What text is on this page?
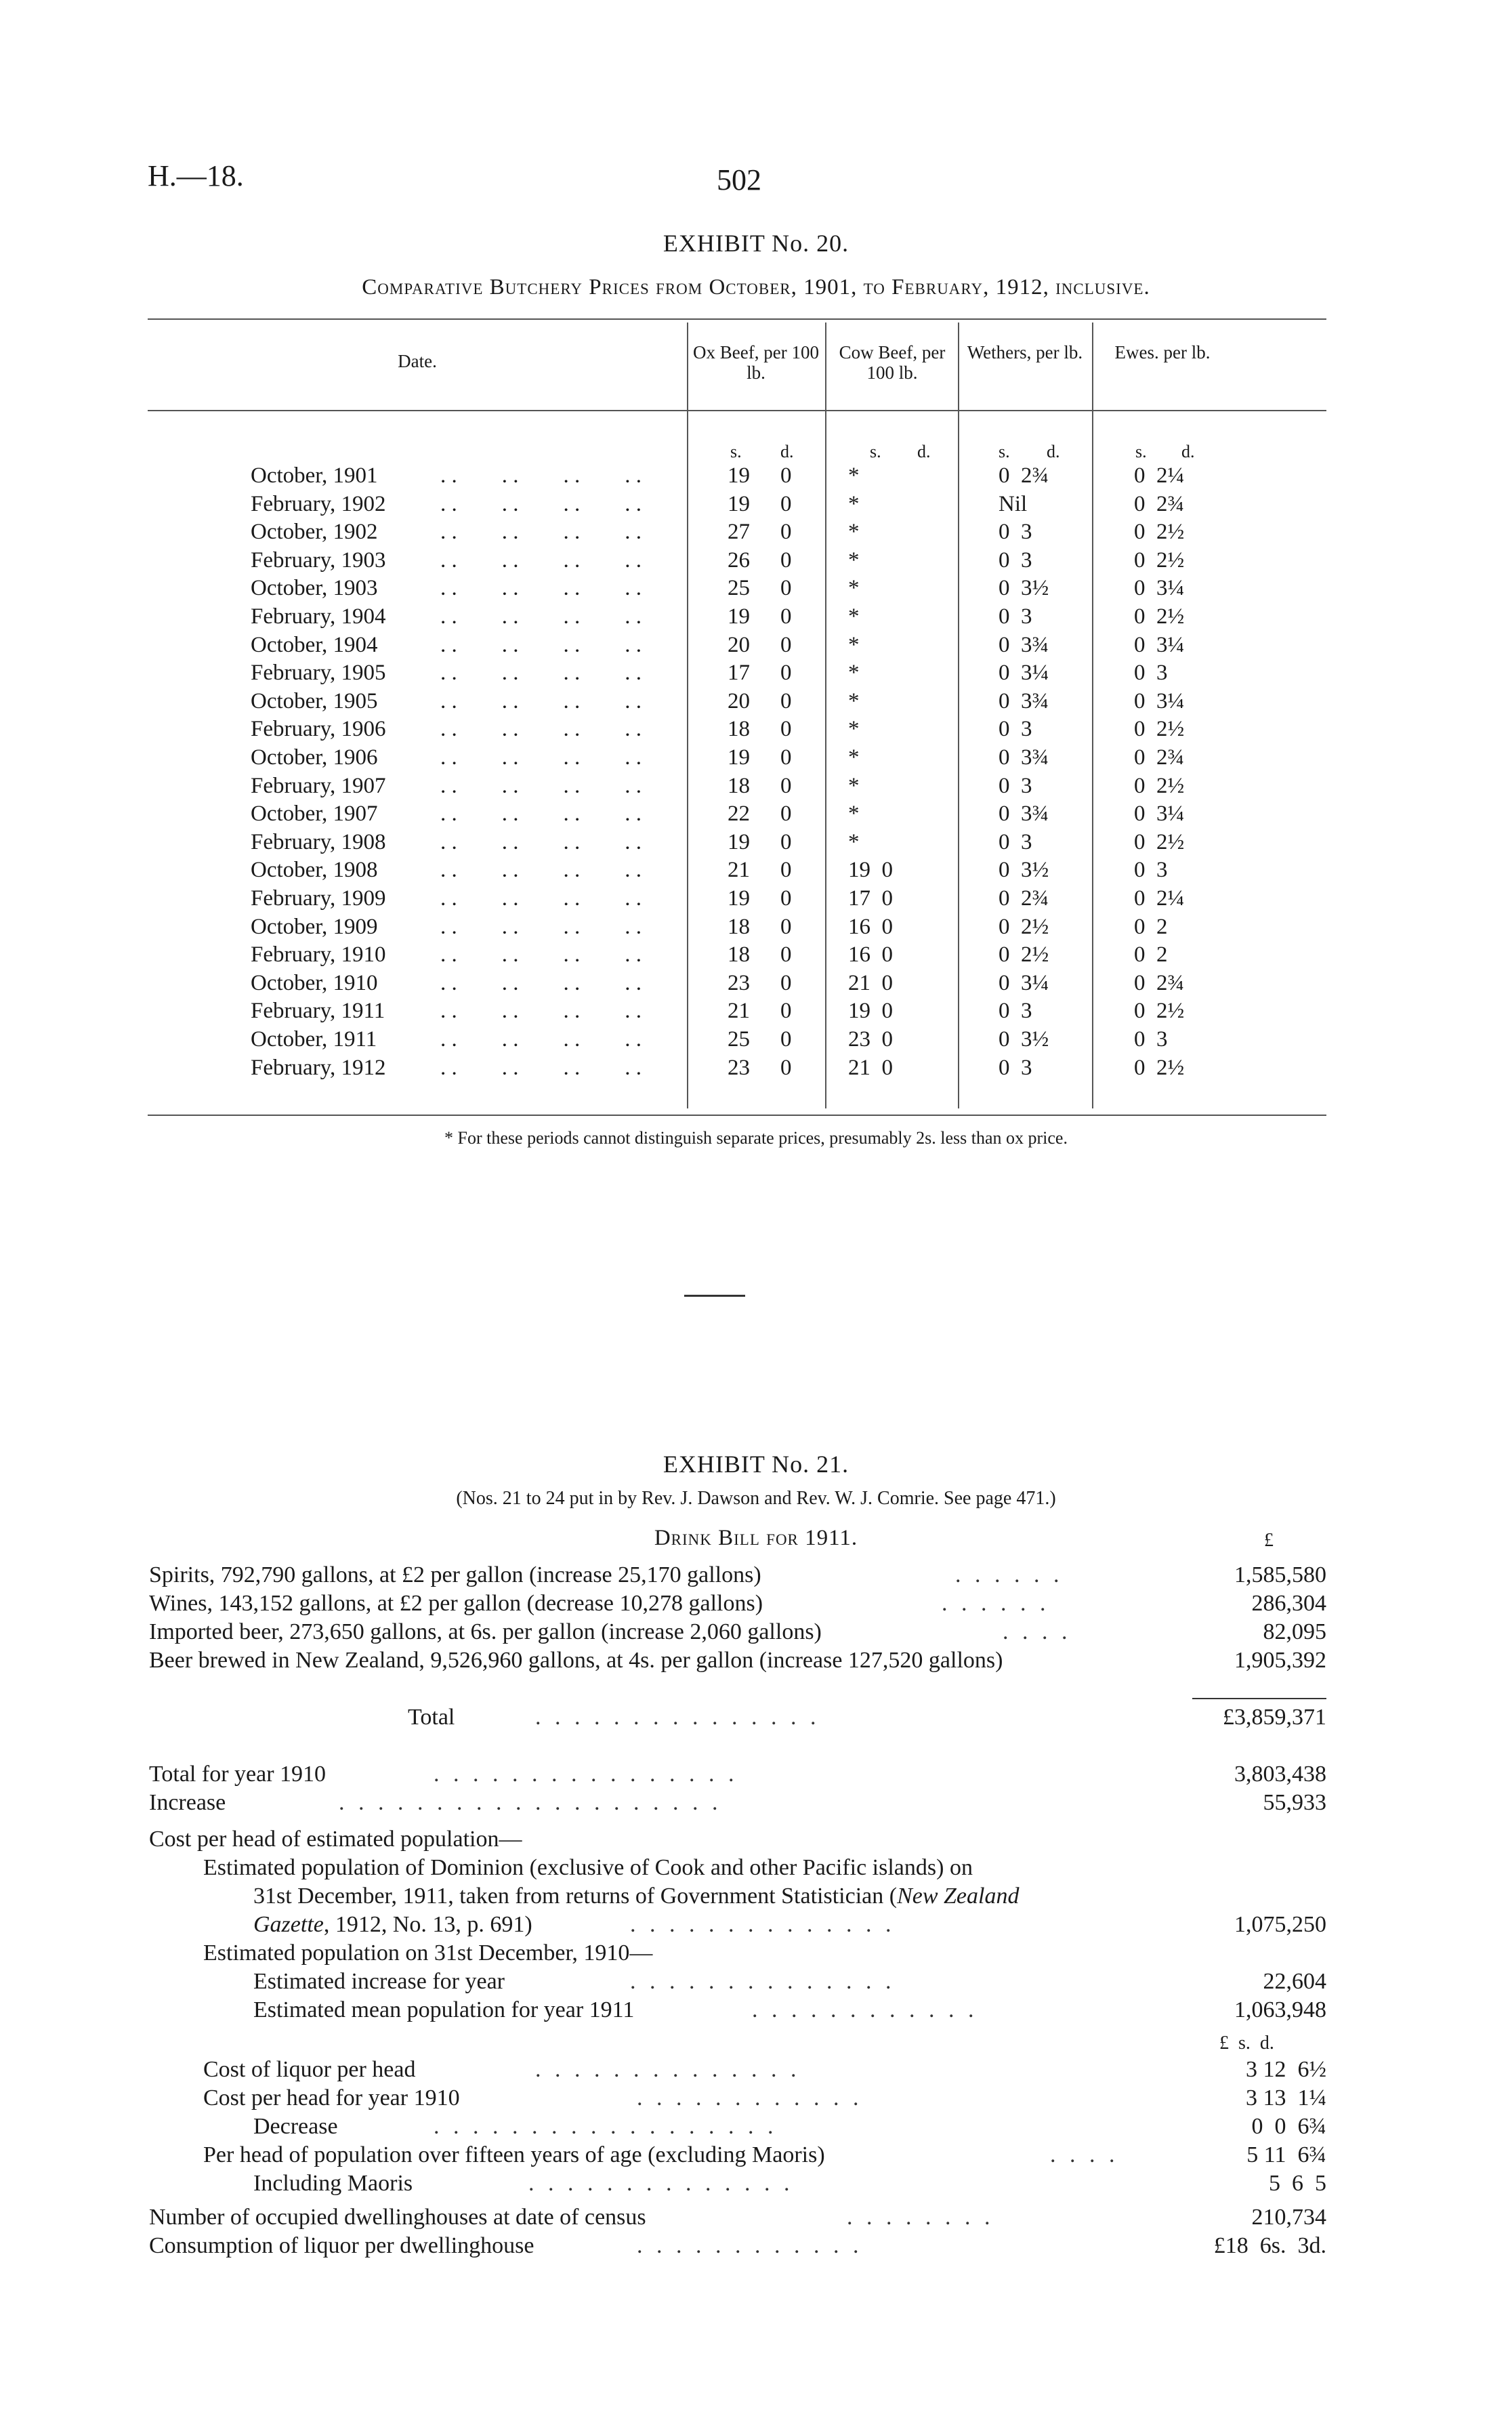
H.—18.	502
EXHIBIT No. 20.
Comparative Butchery Prices from October, 1901, to February, 1912, inclusive.
Date.	Ox Beef, per 100 lb.
Cow Beef, per 100 lb.
Wethers, per lb.	Ewes. per lb.
s. d.	s. d.	s. d.	s. d.
October, 1901	19 0	*	0  2¾	0  2¼
. .        . .        . .        . .
February, 1902	19 0	*	Nil	0  2¾
. .        . .        . .        . .
October, 1902	27 0	*	0  3	0  2½
. .        . .        . .        . .
February, 1903	26 0	*	0  3	0  2½
. .        . .        . .        . .
October, 1903	25 0	*	0  3½	0  3¼
. .        . .        . .        . .
February, 1904	19 0	*	0  3	0  2½
. .        . .        . .        . .
October, 1904	20 0	*	0  3¾	0  3¼
. .        . .        . .        . .
February, 1905	17 0	*	0  3¼	0  3
. .        . .        . .        . .
October, 1905	20 0	*	0  3¾	0  3¼
. .        . .        . .        . .
February, 1906	18 0	*	0  3	0  2½
. .        . .        . .        . .
October, 1906	19 0	*	0  3¾	0  2¾
. .        . .        . .        . .
February, 1907	18 0	*	0  3	0  2½
. .        . .        . .        . .
October, 1907	22 0	*	0  3¾	0  3¼
. .        . .        . .        . .
February, 1908	19 0	*	0  3	0  2½
. .        . .        . .        . .
October, 1908	21 0	19  0	0  3½	0  3
. .        . .        . .        . .
February, 1909	19 0	17  0	0  2¾	0  2¼
. .        . .        . .        . .
October, 1909	18 0	16  0	0  2½	0  2
. .        . .        . .        . .
February, 1910	18 0	16  0	0  2½	0  2
. .        . .        . .        . .
October, 1910	23 0	21  0	0  3¼	0  2¾
. .        . .        . .        . .
February, 1911	21 0	19  0	0  3	0  2½
. .        . .        . .        . .
October, 1911	25 0	23  0	0  3½	0  3
. .        . .        . .        . .
February, 1912	23 0	21  0	0  3	0  2½
. .        . .        . .        . .
* For these periods cannot distinguish separate prices, presumably 2s. less than ox price.
EXHIBIT No. 21.
(Nos. 21 to 24 put in by Rev. J. Dawson and Rev. W. J. Comrie. See page 471.)
Drink Bill for 1911.	£
Spirits, 792,790 gallons, at £2 per gallon (increase 25,170 gallons)	. . . . . .	1,585,580
Wines, 143,152 gallons, at £2 per gallon (decrease 10,278 gallons)	. . . . . .	286,304
Imported beer, 273,650 gallons, at 6s. per gallon (increase 2,060 gallons)	. . . .	82,095
Beer brewed in New Zealand, 9,526,960 gallons, at 4s. per gallon (increase 127,520 gallons)	1,905,392
Total	. . . . . . . . . . . . . . .	£3,859,371
Total for year 1910	. . . . . . . . . . . . . . . .	3,803,438
Increase	. . . . . . . . . . . . . . . . . . . .	55,933
Cost per head of estimated population—
Estimated population of Dominion (exclusive of Cook and other Pacific islands) on
31st December, 1911, taken from returns of Government Statistician (New Zealand
Gazette, 1912, No. 13, p. 691)	. . . . . . . . . . . . . .	1,075,250
Estimated population on 31st December, 1910—
Estimated increase for year	. . . . . . . . . . . . . .	22,604
Estimated mean population for year 1911	. . . . . . . . . . . .	1,063,948
£  s.  d.
Cost of liquor per head	. . . . . . . . . . . . . .	3 12  6½
Cost per head for year 1910	. . . . . . . . . . . .	3 13  1¼
Decrease	. . . . . . . . . . . . . . . . . .	0  0  6¾
Per head of population over fifteen years of age (excluding Maoris)	. . . .	5 11  6¾
Including Maoris	. . . . . . . . . . . . . .	5  6  5
Number of occupied dwellinghouses at date of census	. . . . . . . .	210,734
Consumption of liquor per dwellinghouse	. . . . . . . . . . . .	£18  6s.  3d.
